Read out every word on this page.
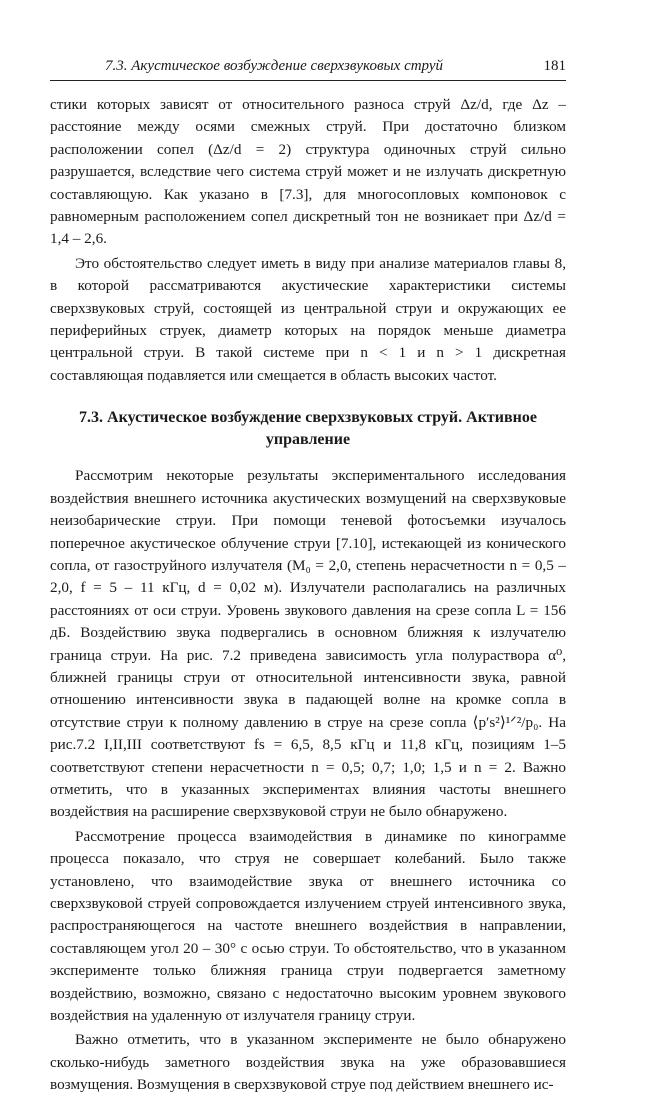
7.3. Акустическое возбуждение сверхзвуковых струй	181

стики которых зависят от относительного разноса струй Δz/d, где Δz – расстояние между осями смежных струй. При достаточно близком расположении сопел (Δz/d = 2) структура одиночных струй сильно разрушается, вследствие чего система струй может и не излучать дискретную составляющую. Как указано в [7.3], для многосопловых компоновок с равномерным расположением сопел дискретный тон не возникает при Δz/d = 1,4 – 2,6.

Это обстоятельство следует иметь в виду при анализе материалов главы 8, в которой рассматриваются акустические характеристики системы сверхзвуковых струй, состоящей из центральной струи и окружающих ее периферийных струек, диаметр которых на порядок меньше диаметра центральной струи. В такой системе при n < 1 и n > 1 дискретная составляющая подавляется или смещается в область высоких частот.

7.3. Акустическое возбуждение сверхзвуковых струй. Активное управление

Рассмотрим некоторые результаты экспериментального исследования воздействия внешнего источника акустических возмущений на сверхзвуковые неизобарические струи. При помощи теневой фотосъемки изучалось поперечное акустическое облучение струи [7.10], истекающей из конического сопла, от газоструйного излучателя (M₀ = 2,0, степень нерасчетности n = 0,5 – 2,0, f = 5 – 11 кГц, d = 0,02 м). Излучатели располагались на различных расстояниях от оси струи. Уровень звукового давления на срезе сопла L = 156 дБ. Воздействию звука подвергались в основном ближняя к излучателю граница струи. На рис. 7.2 приведена зависимость угла полураствора α⁰, ближней границы струи от относительной интенсивности звука, равной отношению интенсивности звука в падающей волне на кромке сопла в отсутствие струи к полному давлению в струе на срезе сопла ⟨p′s²⟩¹ᐟ²/p₀. На рис.7.2 I,II,III соответствуют fs = 6,5, 8,5 кГц и 11,8 кГц, позициям 1–5 соответствуют степени нерасчетности n = 0,5; 0,7; 1,0; 1,5 и n = 2. Важно отметить, что в указанных экспериментах влияния частоты внешнего воздействия на расширение сверхзвуковой струи не было обнаружено.

Рассмотрение процесса взаимодействия в динамике по кинограмме процесса показало, что струя не совершает колебаний. Было также установлено, что взаимодействие звука от внешнего источника со сверхзвуковой струей сопровождается излучением струей интенсивного звука, распространяющегося на частоте внешнего воздействия в направлении, составляющем угол 20 – 30° с осью струи. То обстоятельство, что в указанном эксперименте только ближняя граница струи подвергается заметному воздействию, возможно, связано с недостаточно высоким уровнем звукового воздействия на удаленную от излучателя границу струи.

Важно отметить, что в указанном эксперименте не было обнаружено сколько-нибудь заметного воздействия звука на уже образовавшиеся возмущения. Возмущения в сверхзвуковой струе под действием внешнего ис-
